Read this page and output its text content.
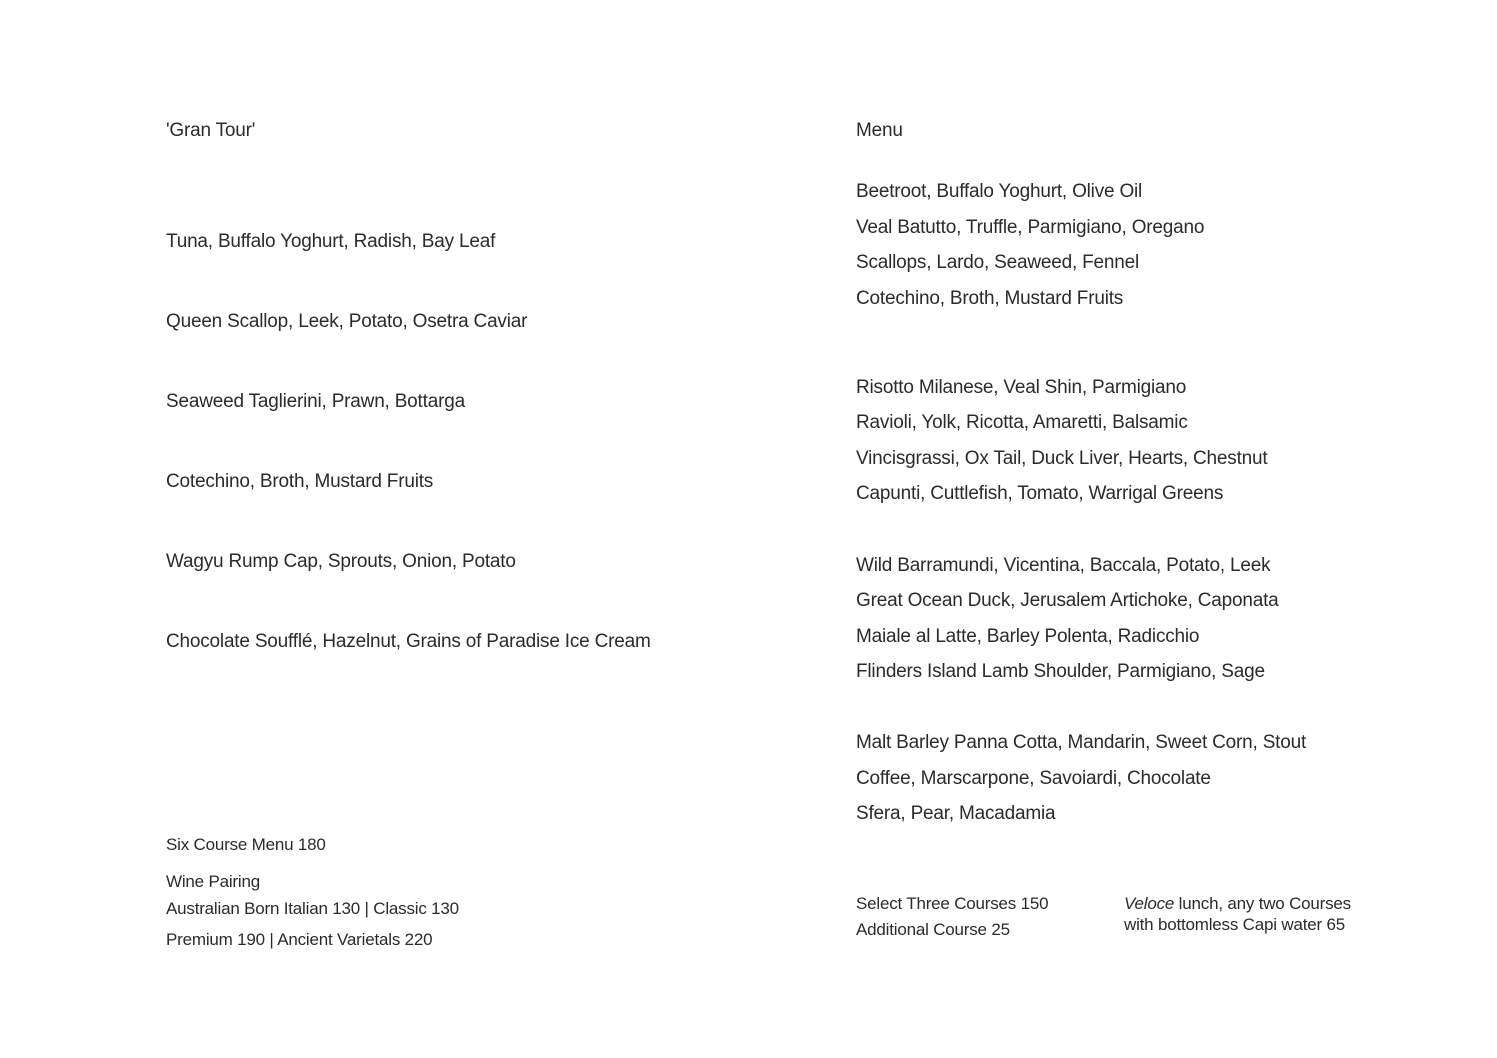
'Gran Tour'
Tuna, Buffalo Yoghurt, Radish, Bay Leaf
Queen Scallop, Leek, Potato, Osetra Caviar
Seaweed Taglierini, Prawn, Bottarga
Cotechino, Broth, Mustard Fruits
Wagyu Rump Cap, Sprouts, Onion, Potato
Chocolate Soufflé, Hazelnut, Grains of Paradise Ice Cream
Six Course Menu 180
Wine Pairing
Australian Born Italian 130 | Classic 130
Premium 190 | Ancient Varietals 220
Menu
Beetroot, Buffalo Yoghurt, Olive Oil
Veal Batutto, Truffle, Parmigiano, Oregano
Scallops, Lardo, Seaweed, Fennel
Cotechino, Broth, Mustard Fruits
Risotto Milanese, Veal Shin, Parmigiano
Ravioli, Yolk, Ricotta, Amaretti, Balsamic
Vincisgrassi, Ox Tail, Duck Liver, Hearts, Chestnut
Capunti, Cuttlefish, Tomato, Warrigal Greens
Wild Barramundi, Vicentina, Baccala, Potato, Leek
Great Ocean Duck, Jerusalem Artichoke, Caponata
Maiale al Latte, Barley Polenta, Radicchio
Flinders Island Lamb Shoulder, Parmigiano, Sage
Malt Barley Panna Cotta, Mandarin, Sweet Corn, Stout
Coffee, Marscarpone, Savoiardi, Chocolate
Sfera, Pear, Macadamia
Select Three Courses 150
Additional Course 25
Veloce lunch, any two Courses
with bottomless Capi water 65
